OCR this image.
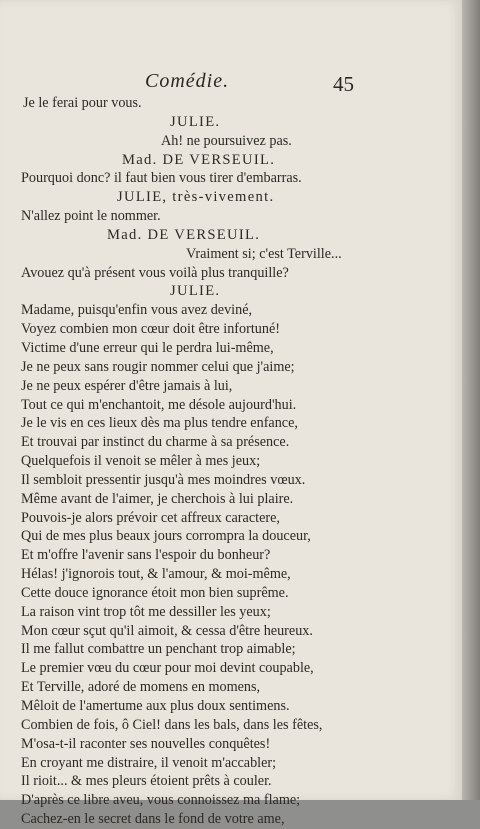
Comédie.	45
Je le ferai pour vous.
JULIE.
Ah! ne poursuivez pas.
Mad. DE VERSEUIL.
Pourquoi donc? il faut bien vous tirer d'embarras.
JULIE, très-vivement.
N'allez point le nommer.
Mad. DE VERSEUIL.
Vraiment si; c'est Terville...
Avouez qu'à présent vous voilà plus tranquille?
JULIE.
Madame, puisqu'enfin vous avez deviné,
Voyez combien mon cœur doit être infortuné!
Victime d'une erreur qui le perdra lui-même,
Je ne peux sans rougir nommer celui que j'aime;
Je ne peux espérer d'être jamais à lui,
Tout ce qui m'enchantoit, me désole aujourd'hui.
Je le vis en ces lieux dès ma plus tendre enfance,
Et trouvai par instinct du charme à sa présence.
Quelquefois il venoit se mêler à mes jeux;
Il sembloit pressentir jusqu'à mes moindres vœux.
Même avant de l'aimer, je cherchois à lui plaire.
Pouvois-je alors prévoir cet affreux caractere,
Qui de mes plus beaux jours corrompra la douceur,
Et m'offre l'avenir sans l'espoir du bonheur?
Hélas! j'ignorois tout, & l'amour, & moi-même,
Cette douce ignorance étoit mon bien suprême.
La raison vint trop tôt me dessiller les yeux;
Mon cœur sçut qu'il aimoit, & cessa d'être heureux.
Il me fallut combattre un penchant trop aimable;
Le premier vœu du cœur pour moi devint coupable,
Et Terville, adoré de momens en momens,
Mêloit de l'amertume aux plus doux sentimens.
Combien de fois, ô Ciel! dans les bals, dans les fêtes,
M'osa-t-il raconter ses nouvelles conquêtes!
En croyant me distraire, il venoit m'accabler;
Il rioit... & mes pleurs étoient prêts à couler.
D'après ce libre aveu, vous connoissez ma flame;
Cachez-en le secret dans le fond de votre ame,
